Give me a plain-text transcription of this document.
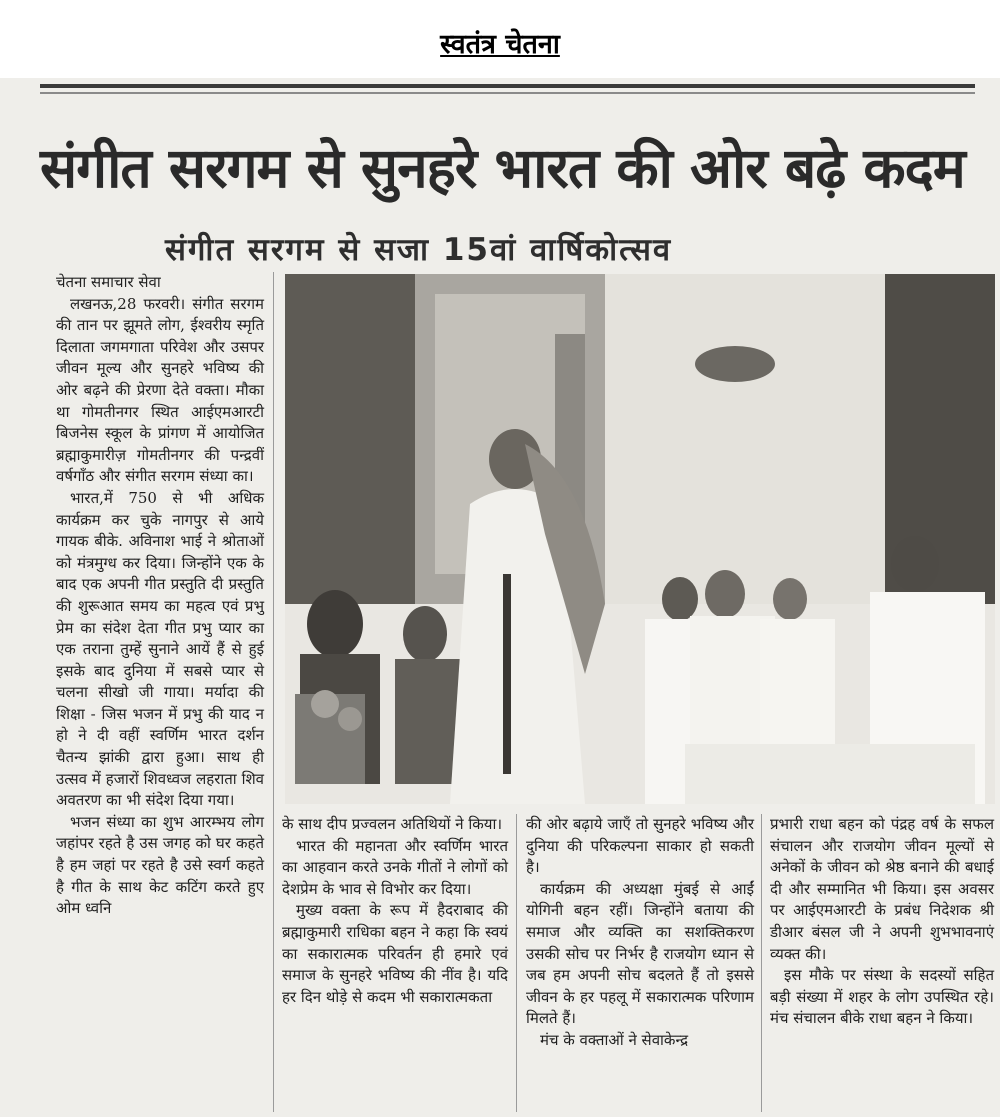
स्वतंत्र चेतना
संगीत सरगम से सुनहरे भारत की ओर बढ़े कदम
संगीत सरगम से सजा 15वां वार्षिकोत्सव

चेतना समाचार सेवा

लखनऊ,28 फरवरी। संगीत सरगम की तान पर झूमते लोग, ईश्वरीय स्मृति दिलाता जगमगाता परिवेश और उसपर जीवन मूल्य और सुनहरे भविष्य की ओर बढ़ने की प्रेरणा देते वक्ता। मौका था गोमतीनगर स्थित आईएमआरटी बिजनेस स्कूल के प्रांगण में आयोजित ब्रह्माकुमारीज़ गोमतीनगर की पन्द्रवीं वर्षगाँठ और संगीत सरगम संध्या का।

भारत,में 750 से भी अधिक कार्यक्रम कर चुके नागपुर से आये गायक बीके. अविनाश भाई ने श्रोताओं को मंत्रमुग्ध कर दिया। जिन्होंने एक के बाद एक अपनी गीत प्रस्तुति दी प्रस्तुति की शुरूआत समय का महत्व एवं प्रभु प्रेम का संदेश देता गीत प्रभु प्यार का एक तराना तुम्हें सुनाने आयें हैं से हुई इसके बाद दुनिया में सबसे प्यार से चलना सीखो जी गाया। मर्यादा की शिक्षा - जिस भजन में प्रभु की याद न हो ने दी वहीं स्वर्णिम भारत दर्शन चैतन्य झांकी द्वारा हुआ। साथ ही उत्सव में हजारों शिवध्वज लहराता शिव अवतरण का भी संदेश दिया गया।

भजन संध्या का शुभ आरम्भय लोग जहांपर रहते है उस जगह को घर कहते है हम जहां पर रहते है उसे स्वर्ग कहते है गीत के साथ केट कटिंग करते हुए ओम ध्वनि

के साथ दीप प्रज्वलन अतिथियों ने किया।

भारत की महानता और स्वर्णिम भारत का आहवान करते उनके गीतों ने लोगों को देशप्रेम के भाव से विभोर कर दिया।

मुख्य वक्ता के रूप में हैदराबाद की ब्रह्माकुमारी राधिका बहन ने कहा कि स्वयं का सकारात्मक परिवर्तन ही हमारे एवं समाज के सुनहरे भविष्य की नींव है। यदि हर दिन थोड़े से कदम भी सकारात्मकता

की ओर बढ़ाये जाएँ तो सुनहरे भविष्य और दुनिया की परिकल्पना साकार हो सकती है।

कार्यक्रम की अध्यक्षा मुंबई से आईं योगिनी बहन रहीं। जिन्होंने बताया की समाज और व्यक्ति का सशक्तिकरण उसकी सोच पर निर्भर है राजयोग ध्यान से जब हम अपनी सोच बदलते हैं तो इससे जीवन के हर पहलू में सकारात्मक परिणाम मिलते हैं।

मंच के वक्ताओं ने सेवाकेन्द्र

प्रभारी राधा बहन को पंद्रह वर्ष के सफल संचालन और राजयोग जीवन मूल्यों से अनेकों के जीवन को श्रेष्ठ बनाने की बधाई दी और सम्मानित भी किया। इस अवसर पर आईएमआरटी के प्रबंध निदेशक श्री डीआर बंसल जी ने अपनी शुभभावनाएं व्यक्त की।

इस मौके पर संस्था के सदस्यों सहित बड़ी संख्या में शहर के लोग उपस्थित रहे। मंच संचालन बीके राधा बहन ने किया।
